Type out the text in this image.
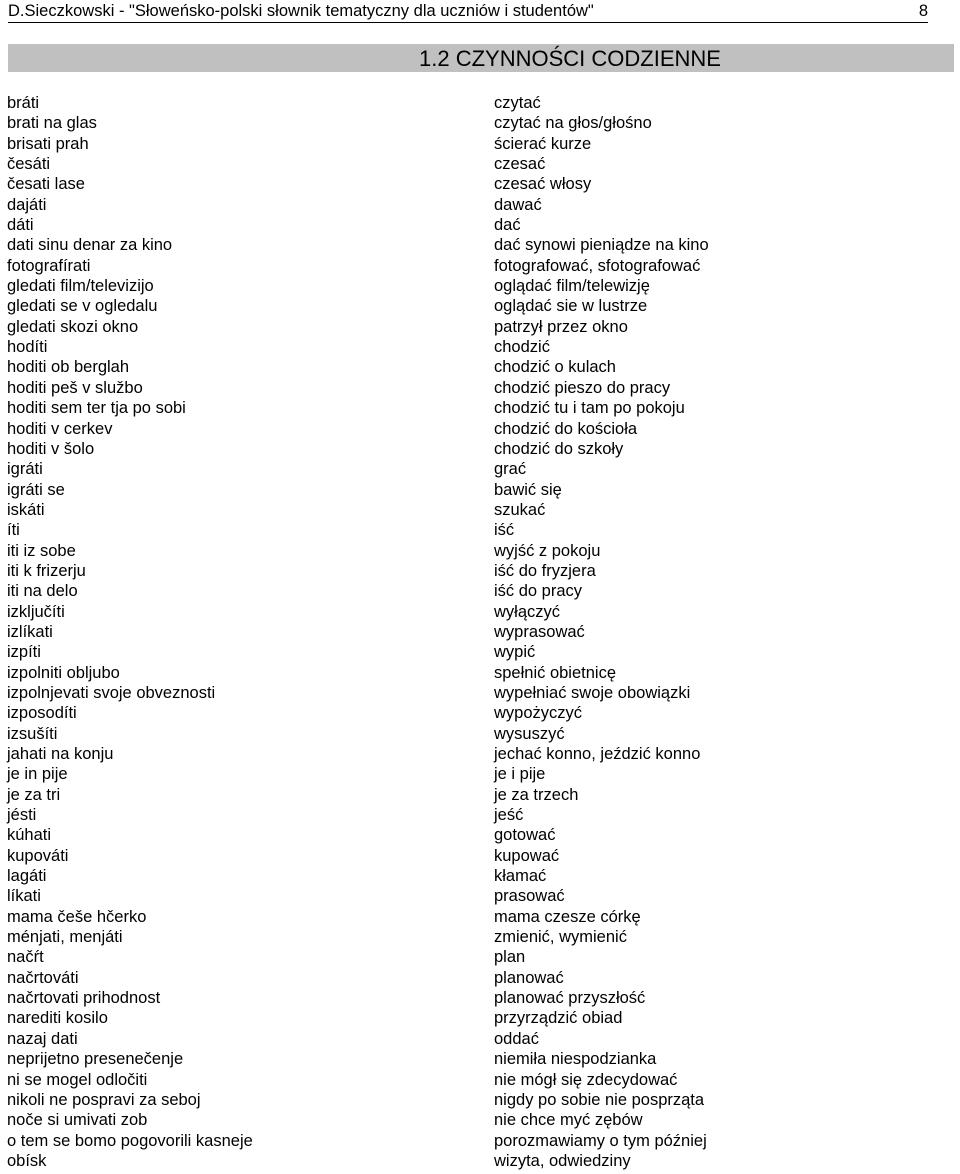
D.Sieczkowski - "Słoweńsko-polski słownik tematyczny dla uczniów i studentów"	8
1.2 CZYNNOŚCI CODZIENNE
bráti	czytać
brati na glas	czytać na głos/głośno
brisati prah	ścierać kurze
česáti	czesać
česati lase	czesać włosy
dajáti	dawać
dáti	dać
dati sinu denar za kino	dać synowi pieniądze na kino
fotografírati	fotografować, sfotografować
gledati film/televizijo	oglądać film/telewizję
gledati se v ogledalu	oglądać sie w lustrze
gledati skozi okno	patrzył przez okno
hodíti	chodzić
hoditi ob berglah	chodzić o kulach
hoditi peš v službo	chodzić pieszo do pracy
hoditi sem ter tja po sobi	chodzić tu i tam po pokoju
hoditi v cerkev	chodzić do kościoła
hoditi v šolo	chodzić do szkoły
igráti	grać
igráti se	bawić się
iskáti	szukać
íti	iść
iti iz sobe	wyjść z pokoju
iti k frizerju	iść do fryzjera
iti na delo	iść do pracy
izključíti	wyłączyć
izlíkati	wyprasować
izpíti	wypić
izpolniti obljubo	spełnić obietnicę
izpolnjevati svoje obveznosti	wypełniać swoje obowiązki
izposodíti	wypożyczyć
izsušíti	wysuszyć
jahati na konju	jechać konno, jeździć konno
je in pije	je i pije
je za tri	je za trzech
jésti	jeść
kúhati	gotować
kupováti	kupować
lagáti	kłamać
líkati	prasować
mama češe hčerko	mama czesze córkę
ménjati, menjáti	zmienić, wymienić
načŕt	plan
načrtováti	planować
načrtovati prihodnost	planować przyszłość
narediti kosilo	przyrządzić obiad
nazaj dati	oddać
neprijetno presenečenje	niemiła niespodzianka
ni se mogel odločiti	nie mógł się zdecydować
nikoli ne pospravi za seboj	nigdy po sobie nie posprząta
noče si umivati zob	nie chce myć zębów
o tem se bomo pogovorili kasneje	porozmawiamy o tym później
obísk	wizyta, odwiedziny
